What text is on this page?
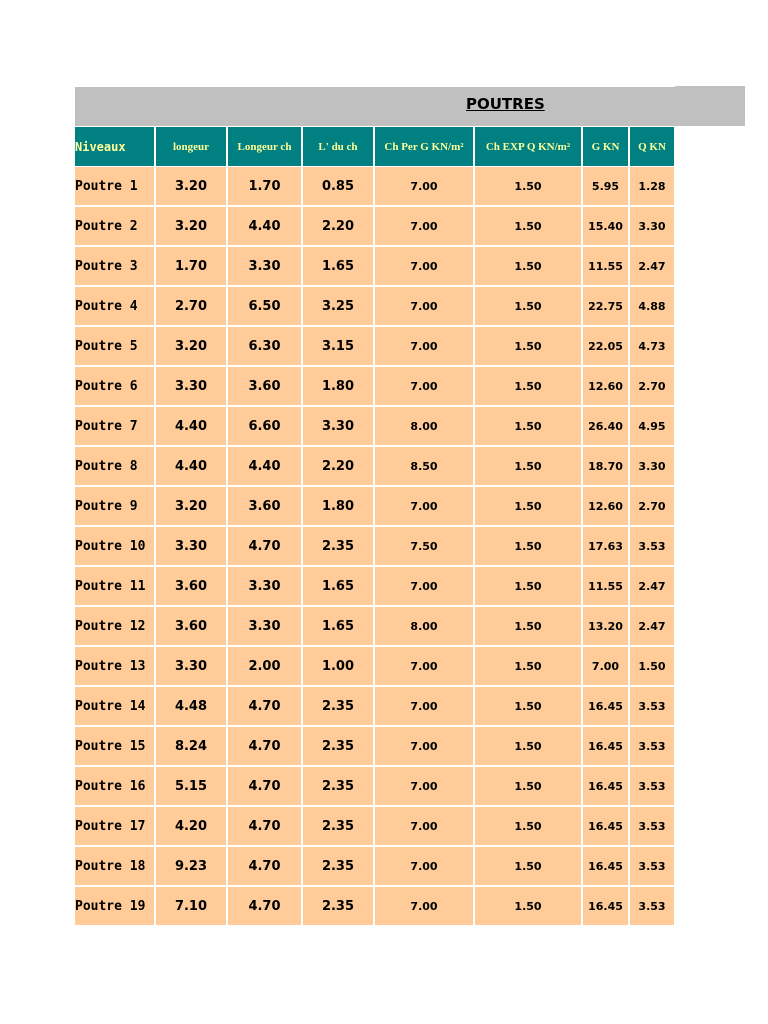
POUTRES
Niveaux	longeur	Longeur ch	L' du ch	Ch Per G KN/m²	Ch EXP Q KN/m²	G KN	Q KN
Poutre 1	3.20	1.70	0.85	7.00	1.50	5.95	1.28
Poutre 2	3.20	4.40	2.20	7.00	1.50	15.40	3.30
Poutre 3	1.70	3.30	1.65	7.00	1.50	11.55	2.47
Poutre 4	2.70	6.50	3.25	7.00	1.50	22.75	4.88
Poutre 5	3.20	6.30	3.15	7.00	1.50	22.05	4.73
Poutre 6	3.30	3.60	1.80	7.00	1.50	12.60	2.70
Poutre 7	4.40	6.60	3.30	8.00	1.50	26.40	4.95
Poutre 8	4.40	4.40	2.20	8.50	1.50	18.70	3.30
Poutre 9	3.20	3.60	1.80	7.00	1.50	12.60	2.70
Poutre 10	3.30	4.70	2.35	7.50	1.50	17.63	3.53
Poutre 11	3.60	3.30	1.65	7.00	1.50	11.55	2.47
Poutre 12	3.60	3.30	1.65	8.00	1.50	13.20	2.47
Poutre 13	3.30	2.00	1.00	7.00	1.50	7.00	1.50
Poutre 14	4.48	4.70	2.35	7.00	1.50	16.45	3.53
Poutre 15	8.24	4.70	2.35	7.00	1.50	16.45	3.53
Poutre 16	5.15	4.70	2.35	7.00	1.50	16.45	3.53
Poutre 17	4.20	4.70	2.35	7.00	1.50	16.45	3.53
Poutre 18	9.23	4.70	2.35	7.00	1.50	16.45	3.53
Poutre 19	7.10	4.70	2.35	7.00	1.50	16.45	3.53
